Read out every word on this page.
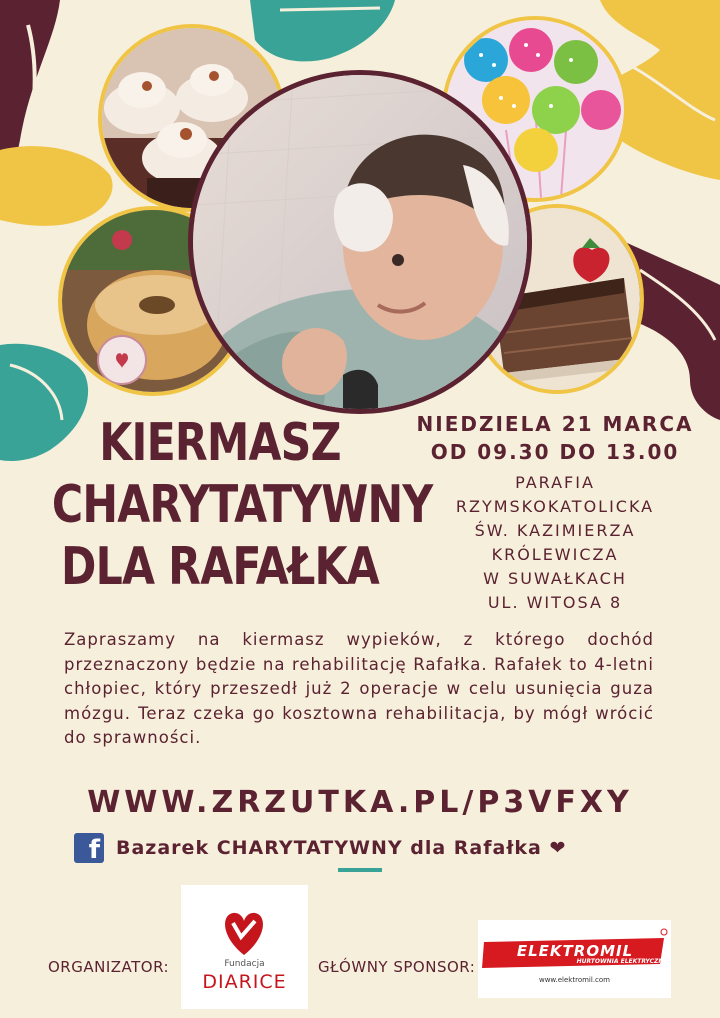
KIERMASZ
CHARYTATYWNY
DLA RAFAŁKA
NIEDZIELA 21 MARCA
OD 09.30 DO 13.00
PARAFIA
RZYMSKOKATOLICKA
ŚW. KAZIMIERZA
KRÓLEWICZA
W SUWAŁKACH
UL. WITOSA 8
Zapraszamy na kiermasz wypieków, z którego dochód przeznaczony będzie na rehabilitację Rafałka. Rafałek to 4-letni chłopiec, który przeszedł już 2 operacje w celu usunięcia guza mózgu. Teraz czeka go kosztowna rehabilitacja, by mógł wrócić do sprawności.
WWW.ZRZUTKA.PL/P3VFXY
f Bazarek CHARYTATYWNY dla Rafałka ❤
ORGANIZATOR:	Fundacja
DIARICE
GŁÓWNY SPONSOR:
ELEKTROMIL
HURTOWNIA ELEKTRYCZNA
www.elektromil.com
